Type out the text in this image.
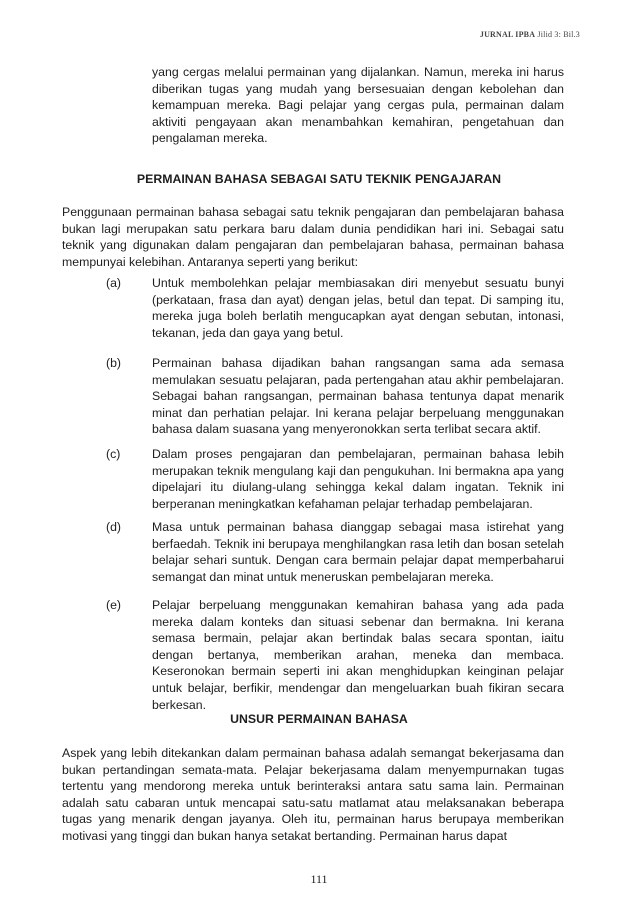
JURNAL IPBA Jilid 3: Bil.3
yang cergas melalui permainan yang dijalankan. Namun, mereka ini harus diberikan tugas yang mudah yang bersesuaian dengan kebolehan dan kemampuan mereka. Bagi pelajar yang cergas pula, permainan dalam aktiviti pengayaan akan menambahkan kemahiran, pengetahuan dan pengalaman mereka.
PERMAINAN BAHASA SEBAGAI SATU TEKNIK PENGAJARAN
Penggunaan permainan bahasa sebagai satu teknik pengajaran dan pembelajaran bahasa bukan lagi merupakan satu perkara baru dalam dunia pendidikan hari ini. Sebagai satu teknik yang digunakan dalam pengajaran dan pembelajaran bahasa, permainan bahasa mempunyai kelebihan. Antaranya seperti yang berikut:
(a)	Untuk membolehkan pelajar membiasakan diri menyebut sesuatu bunyi (perkataan, frasa dan ayat) dengan jelas, betul dan tepat. Di samping itu, mereka juga boleh berlatih mengucapkan ayat dengan sebutan, intonasi, tekanan, jeda dan gaya yang betul.
(b)	Permainan bahasa dijadikan bahan rangsangan sama ada semasa memulakan sesuatu pelajaran, pada pertengahan atau akhir pembelajaran. Sebagai bahan rangsangan, permainan bahasa tentunya dapat menarik minat dan perhatian pelajar. Ini kerana pelajar berpeluang menggunakan bahasa dalam suasana yang menyeronokkan serta terlibat secara aktif.
(c)	Dalam proses pengajaran dan pembelajaran, permainan bahasa lebih merupakan teknik mengulang kaji dan pengukuhan. Ini bermakna apa yang dipelajari itu diulang-ulang sehingga kekal dalam ingatan. Teknik ini berperanan meningkatkan kefahaman pelajar terhadap pembelajaran.
(d)	Masa untuk permainan bahasa dianggap sebagai masa istirehat yang berfaedah. Teknik ini berupaya menghilangkan rasa letih dan bosan setelah belajar sehari suntuk. Dengan cara bermain pelajar dapat memperbaharui semangat dan minat untuk meneruskan pembelajaran mereka.
(e)	Pelajar berpeluang menggunakan kemahiran bahasa yang ada pada mereka dalam konteks dan situasi sebenar dan bermakna. Ini kerana semasa bermain, pelajar akan bertindak balas secara spontan, iaitu dengan bertanya, memberikan arahan, meneka dan membaca. Keseronokan bermain seperti ini akan menghidupkan keinginan pelajar untuk belajar, berfikir, mendengar dan mengeluarkan buah fikiran secara berkesan.
UNSUR PERMAINAN BAHASA
Aspek yang lebih ditekankan dalam permainan bahasa adalah semangat bekerjasama dan bukan pertandingan semata-mata. Pelajar bekerjasama dalam menyempurnakan tugas tertentu yang mendorong mereka untuk berinteraksi antara satu sama lain. Permainan adalah satu cabaran untuk mencapai satu-satu matlamat atau melaksanakan beberapa tugas yang menarik dengan jayanya. Oleh itu, permainan harus berupaya memberikan motivasi yang tinggi dan bukan hanya setakat bertanding. Permainan harus dapat
111
